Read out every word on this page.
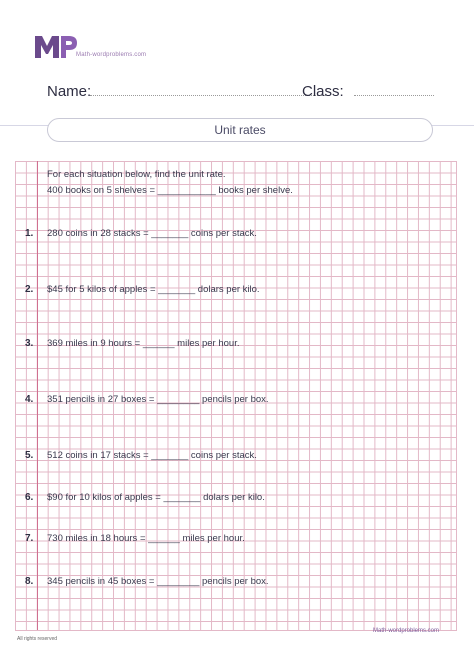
Math-wordproblems.com
Name:	Class:
Unit rates
For each situation below, find the unit rate.
400 books on 5 shelves = ___________ books per shelve.
1. 280 coins in 28 stacks = _______ coins per stack.
2. $45 for 5 kilos of apples = _______ dolars per kilo.
3. 369 miles in 9 hours = ______ miles per hour.
4. 351 pencils in 27 boxes = ________ pencils per box.
5. 512 coins in 17 stacks = _______ coins per stack.
6. $90 for 10 kilos of apples = _______ dolars per kilo.
7. 730 miles in 18 hours = ______ miles per hour.
8. 345 pencils in 45 boxes = ________ pencils per box.
All rights reserved
Math-wordproblems.com
